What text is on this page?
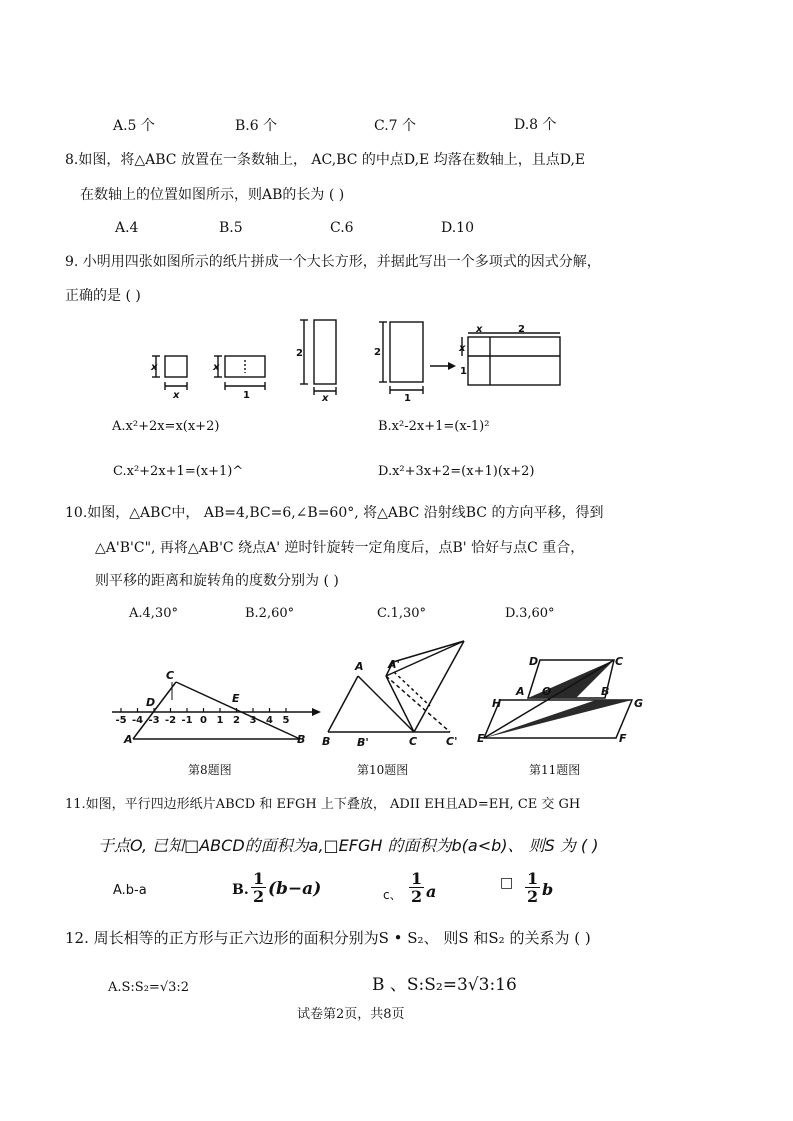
A.5 个	B.6 个	C.7 个	D.8 个
8.如图，将△ABC 放置在一条数轴上， AC,BC 的中点D,E 均落在数轴上，且点D,E
在数轴上的位置如图所示，则AB的长为 ( )
A.4	B.5	C.6	D.10
9. 小明用四张如图所示的纸片拼成一个大长方形，并据此写出一个多项式的因式分解，
正确的是 ( )
x
x
x
1
2
x
2
1
x	2
x
1
A.x²+2x=x(x+2)	B.x²-2x+1=(x-1)²
C.x²+2x+1=(x+1)^	D.x²+3x+2=(x+1)(x+2)
10.如图，△ABC中， AB=4,BC=6,∠B=60°, 将△ABC 沿射线BC 的方向平移，得到
△A'B'C", 再将△AB'C 绕点A' 逆时针旋转一定角度后，点B' 恰好与点C 重合，
则平移的距离和旋转角的度数分别为 ( )
A.4,30°	B.2,60°	C.1,30°	D.3,60°
-5 -4 -3 -2 -1 0 1 2 3 4 5
C
D	E
A	B
第8题图
A A'
B B'	C	C'
第10题图
D	C
A O	B
H	G
E	F
第11题图
11.如图，平行四边形纸片ABCD 和 EFGH 上下叠放， ADII EH且AD=EH, CE 交 GH
于点O, 已知□ABCD的面积为a,□EFGH 的面积为b(a<b)、 则S 为 ( )
A.b-a	B. $\frac{1}{2} (b-a)$	c、 $\frac{1}{2}$ a	□ $\frac{1}{2}$ b
12. 周长相等的正方形与正六边形的面积分别为S • S₂、 则S 和S₂ 的关系为 ( )
A.S:S₂=√3:2	B 、S:S₂=3√3:16
试卷第2页，共8页
